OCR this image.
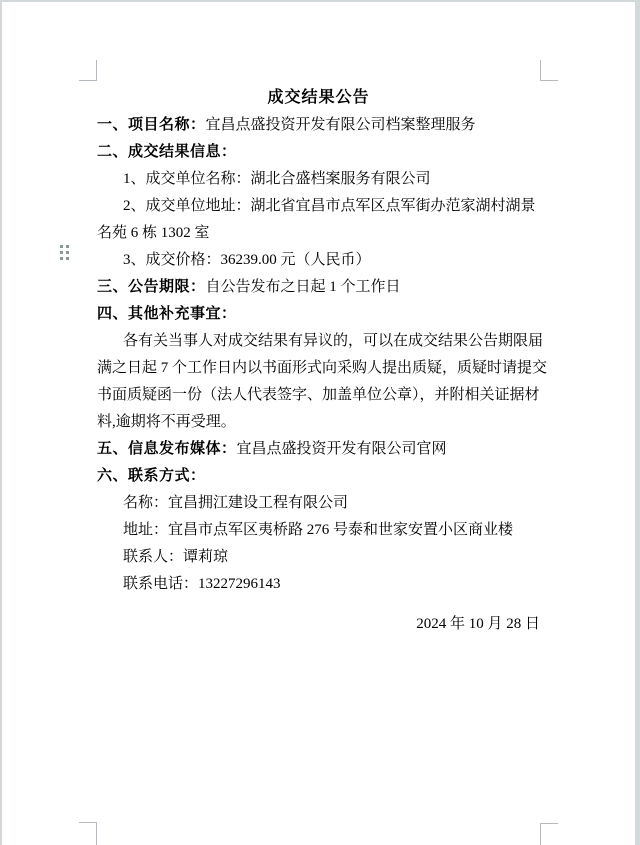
成交结果公告

一、项目名称：宜昌点盛投资开发有限公司档案整理服务

二、成交结果信息：

1、成交单位名称：湖北合盛档案服务有限公司

2、成交单位地址：湖北省宜昌市点军区点军街办范家湖村湖景

名苑 6 栋 1302 室

3、成交价格：36239.00 元（人民币）

三、公告期限：自公告发布之日起 1 个工作日

四、其他补充事宜：

各有关当事人对成交结果有异议的，可以在成交结果公告期限届

满之日起 7 个工作日内以书面形式向采购人提出质疑，质疑时请提交

书面质疑函一份（法人代表签字、加盖单位公章），并附相关证据材

料,逾期将不再受理。

五、信息发布媒体：宜昌点盛投资开发有限公司官网

六、联系方式：

名称：宜昌拥江建设工程有限公司

地址：宜昌市点军区夷桥路 276 号泰和世家安置小区商业楼

联系人：谭莉琼

联系电话：13227296143

2024 年 10 月 28 日
